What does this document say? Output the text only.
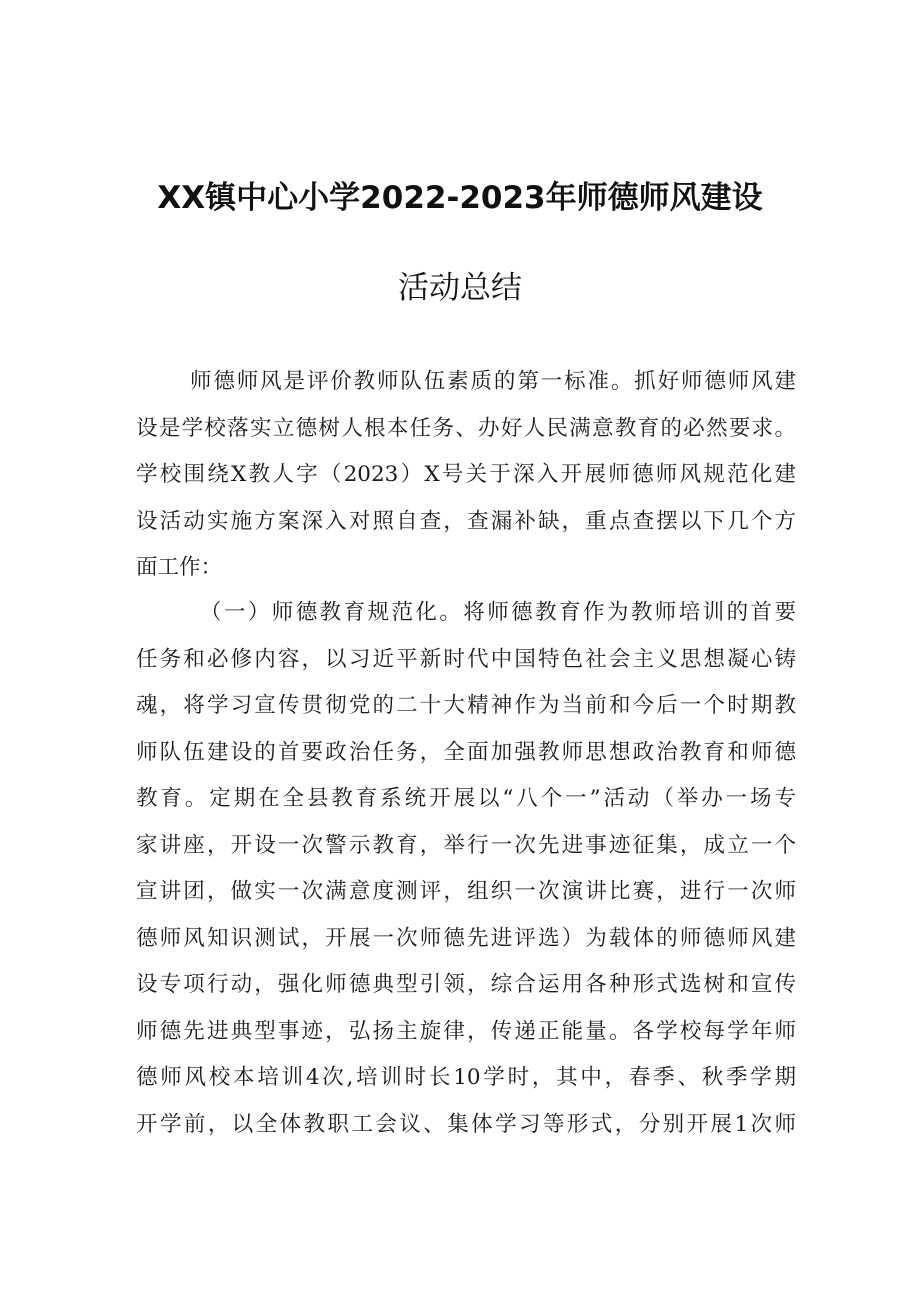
XX镇中心小学2022-2023年师德师风建设
活动总结
师德师风是评价教师队伍素质的第一标准。抓好师德师风建
设是学校落实立德树人根本任务、办好人民满意教育的必然要求。
学校围绕X教人字（2023）X号关于深入开展师德师风规范化建
设活动实施方案深入对照自查，查漏补缺，重点查摆以下几个方
面工作：
（一）师德教育规范化。将师德教育作为教师培训的首要
任务和必修内容，以习近平新时代中国特色社会主义思想凝心铸
魂，将学习宣传贯彻党的二十大精神作为当前和今后一个时期教
师队伍建设的首要政治任务，全面加强教师思想政治教育和师德
教育。定期在全县教育系统开展以“八个一”活动（举办一场专
家讲座，开设一次警示教育，举行一次先进事迹征集，成立一个
宣讲团，做实一次满意度测评，组织一次演讲比赛，进行一次师
德师风知识测试，开展一次师德先进评选）为载体的师德师风建
设专项行动，强化师德典型引领，综合运用各种形式选树和宣传
师德先进典型事迹，弘扬主旋律，传递正能量。各学校每学年师
德师风校本培训4次,培训时长10学时，其中，春季、秋季学期
开学前，以全体教职工会议、集体学习等形式，分别开展1次师
